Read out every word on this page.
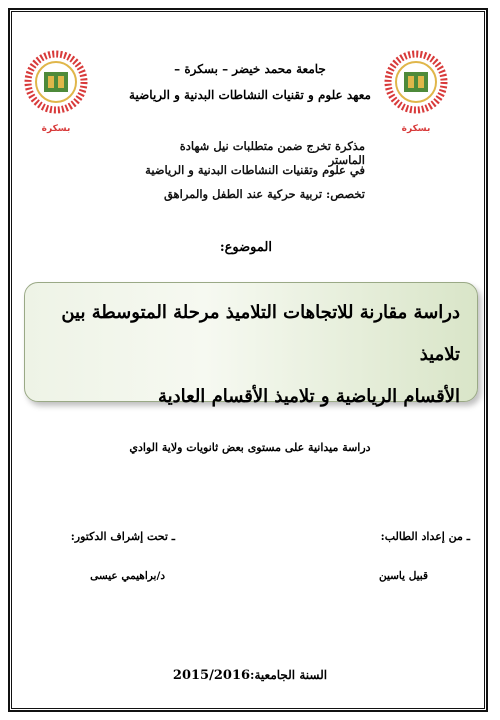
بسكرة	بسكرة
جامعة محمد خيضر – بسكرة –
معهد علوم و تقنيات النشاطات البدنية و الرياضية
مذكرة تخرج ضمن متطلبات نيل شهادة الماستر
في علوم وتقنيات النشاطات البدنية و الرياضية
تخصص: تربية حركية عند الطفل والمراهق
الموضوع:
دراسة مقارنة للاتجاهات التلاميذ مرحلة المتوسطة بين تلاميذ
الأقسام الرياضية و تلاميذ الأقسام العادية
دراسة ميدانية على مستوى بعض ثانويات ولاية الوادي
ـ من إعداد الطالب:
ـ تحت إشراف الدكتور:
قبيل ياسين
د/براهيمي عيسى
السنة الجامعية:2015/2016
